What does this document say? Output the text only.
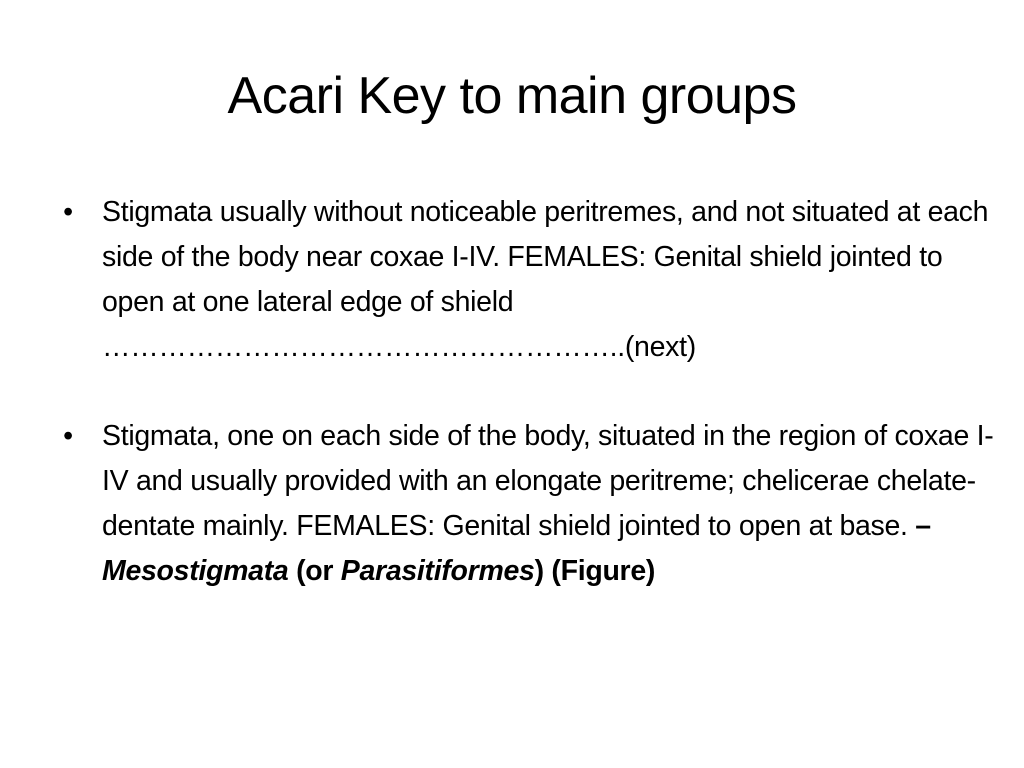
Acari Key to main groups
• Stigmata usually without noticeable peritremes, and not situated at each side of the body near coxae I-IV. FEMALES: Genital shield jointed to open at one lateral edge of shield ………………………………………………..(next)
• Stigmata, one on each side of the body, situated in the region of coxae I-IV and usually provided with an elongate peritreme; chelicerae chelate-dentate mainly. FEMALES: Genital shield jointed to open at base. – Mesostigmata (or Parasitiformes) (Figure)
